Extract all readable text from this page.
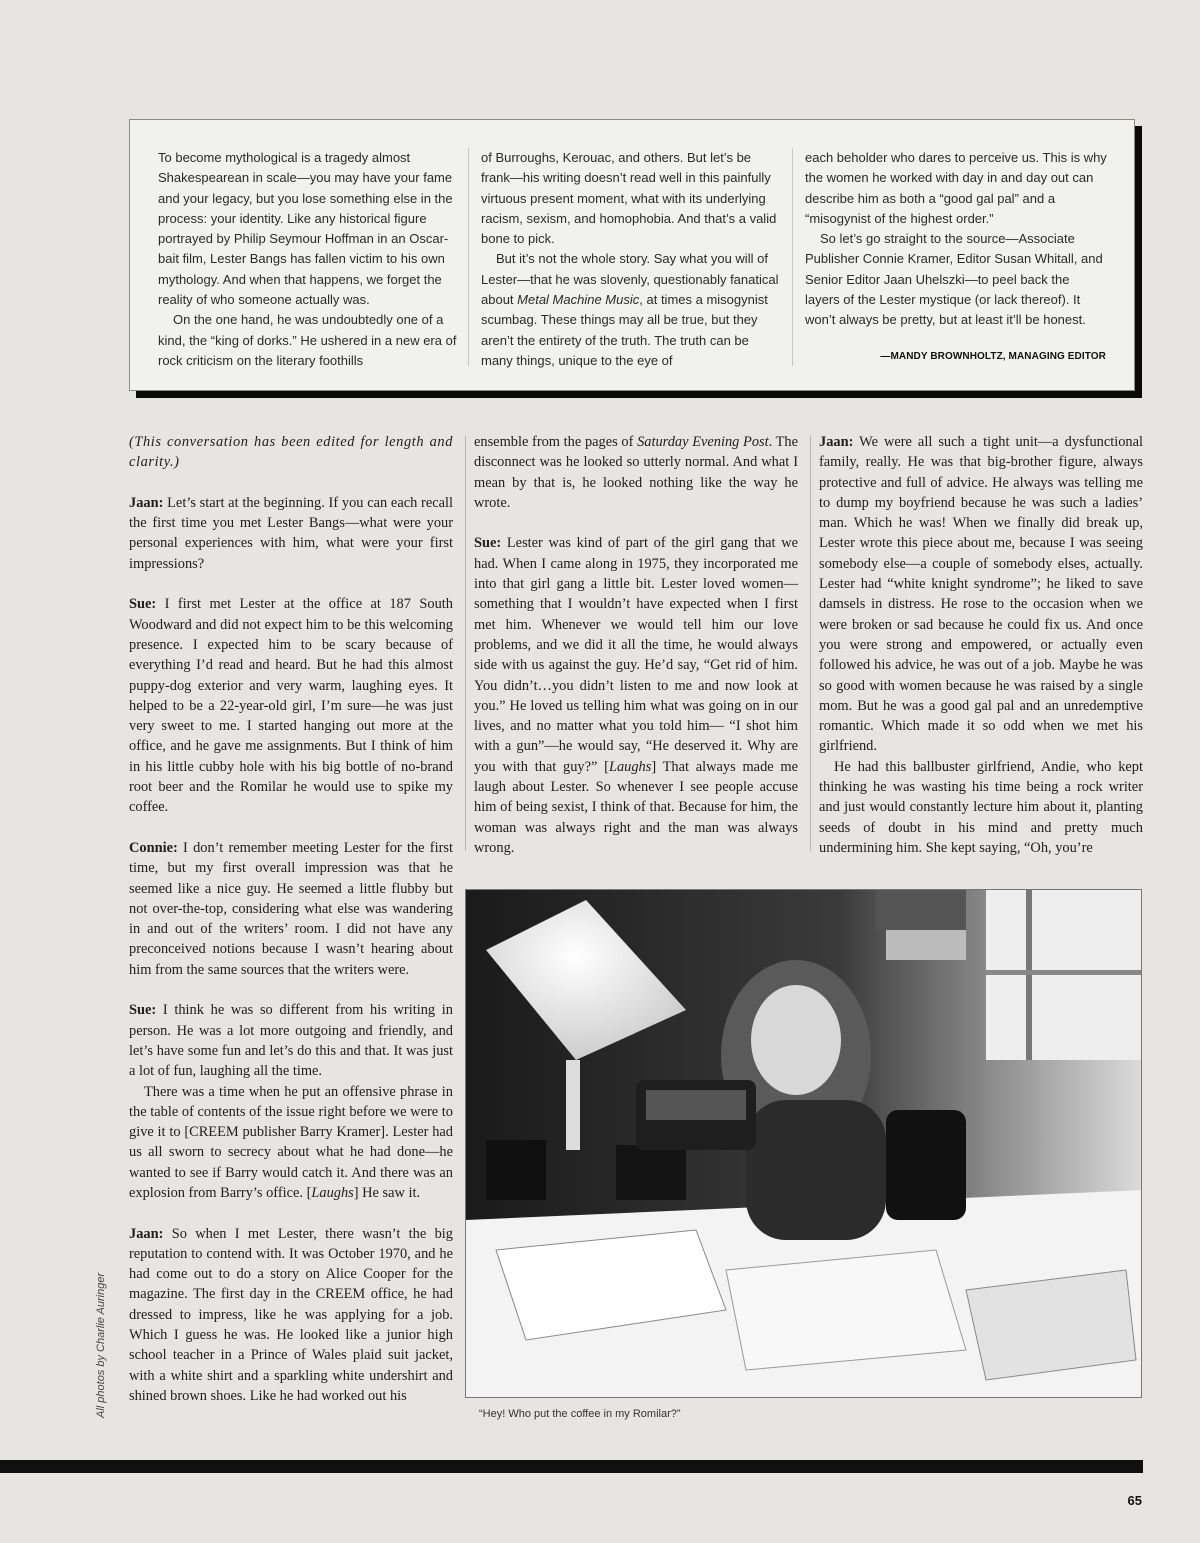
To become mythological is a tragedy almost Shakespearean in scale—you may have your fame and your legacy, but you lose something else in the process: your identity. Like any historical figure portrayed by Philip Seymour Hoffman in an Oscar-bait film, Lester Bangs has fallen victim to his own mythology. And when that happens, we forget the reality of who someone actually was.

On the one hand, he was undoubtedly one of a kind, the “king of dorks.” He ushered in a new era of rock criticism on the literary foothills

of Burroughs, Kerouac, and others. But let’s be frank—his writing doesn’t read well in this painfully virtuous present moment, what with its underlying racism, sexism, and homophobia. And that’s a valid bone to pick.

But it’s not the whole story. Say what you will of Lester—that he was slovenly, questionably fanatical about Metal Machine Music, at times a misogynist scumbag. These things may all be true, but they aren’t the entirety of the truth. The truth can be many things, unique to the eye of

each beholder who dares to perceive us. This is why the women he worked with day in and day out can describe him as both a “good gal pal” and a “misogynist of the highest order.”

So let’s go straight to the source—Associate Publisher Connie Kramer, Editor Susan Whitall, and Senior Editor Jaan Uhelszki—to peel back the layers of the Lester mystique (or lack thereof). It won’t always be pretty, but at least it’ll be honest.

—MANDY BROWNHOLTZ, MANAGING EDITOR

(This conversation has been edited for length and clarity.)

Jaan: Let’s start at the beginning. If you can each recall the first time you met Lester Bangs—what were your personal experiences with him, what were your first impressions?

Sue: I first met Lester at the office at 187 South Woodward and did not expect him to be this welcoming presence. I expected him to be scary because of everything I’d read and heard. But he had this almost puppy-dog exterior and very warm, laughing eyes. It helped to be a 22-year-old girl, I’m sure—he was just very sweet to me. I started hanging out more at the office, and he gave me assignments. But I think of him in his little cubby hole with his big bottle of no-brand root beer and the Romilar he would use to spike my coffee.

Connie: I don’t remember meeting Lester for the first time, but my first overall impression was that he seemed like a nice guy. He seemed a little flubby but not over-the-top, considering what else was wandering in and out of the writers’ room. I did not have any preconceived notions because I wasn’t hearing about him from the same sources that the writers were.

Sue: I think he was so different from his writing in person. He was a lot more outgoing and friendly, and let’s have some fun and let’s do this and that. It was just a lot of fun, laughing all the time.

There was a time when he put an offensive phrase in the table of contents of the issue right before we were to give it to [CREEM publisher Barry Kramer]. Lester had us all sworn to secrecy about what he had done—he wanted to see if Barry would catch it. And there was an explosion from Barry’s office. [Laughs] He saw it.

Jaan: So when I met Lester, there wasn’t the big reputation to contend with. It was October 1970, and he had come out to do a story on Alice Cooper for the magazine. The first day in the CREEM office, he had dressed to impress, like he was applying for a job. Which I guess he was. He looked like a junior high school teacher in a Prince of Wales plaid suit jacket, with a white shirt and a sparkling white undershirt and shined brown shoes. Like he had worked out his

ensemble from the pages of Saturday Evening Post. The disconnect was he looked so utterly normal. And what I mean by that is, he looked nothing like the way he wrote.

Sue: Lester was kind of part of the girl gang that we had. When I came along in 1975, they incorporated me into that girl gang a little bit. Lester loved women—something that I wouldn’t have expected when I first met him. Whenever we would tell him our love problems, and we did it all the time, he would always side with us against the guy. He’d say, “Get rid of him. You didn’t…you didn’t listen to me and now look at you.” He loved us telling him what was going on in our lives, and no matter what you told him— “I shot him with a gun”—he would say, “He deserved it. Why are you with that guy?” [Laughs] That always made me laugh about Lester. So whenever I see people accuse him of being sexist, I think of that. Because for him, the woman was always right and the man was always wrong.

Jaan: We were all such a tight unit—a dysfunctional family, really. He was that big-brother figure, always protective and full of advice. He always was telling me to dump my boyfriend because he was such a ladies’ man. Which he was! When we finally did break up, Lester wrote this piece about me, because I was seeing somebody else—a couple of somebody elses, actually. Lester had “white knight syndrome”; he liked to save damsels in distress. He rose to the occasion when we were broken or sad because he could fix us. And once you were strong and empowered, or actually even followed his advice, he was out of a job. Maybe he was so good with women because he was raised by a single mom. But he was a good gal pal and an unredemptive romantic. Which made it so odd when we met his girlfriend.

He had this ballbuster girlfriend, Andie, who kept thinking he was wasting his time being a rock writer and just would constantly lecture him about it, planting seeds of doubt in his mind and pretty much undermining him. She kept saying, “Oh, you’re

“Hey! Who put the coffee in my Romilar?”
All photos by Charlie Auringer
65
